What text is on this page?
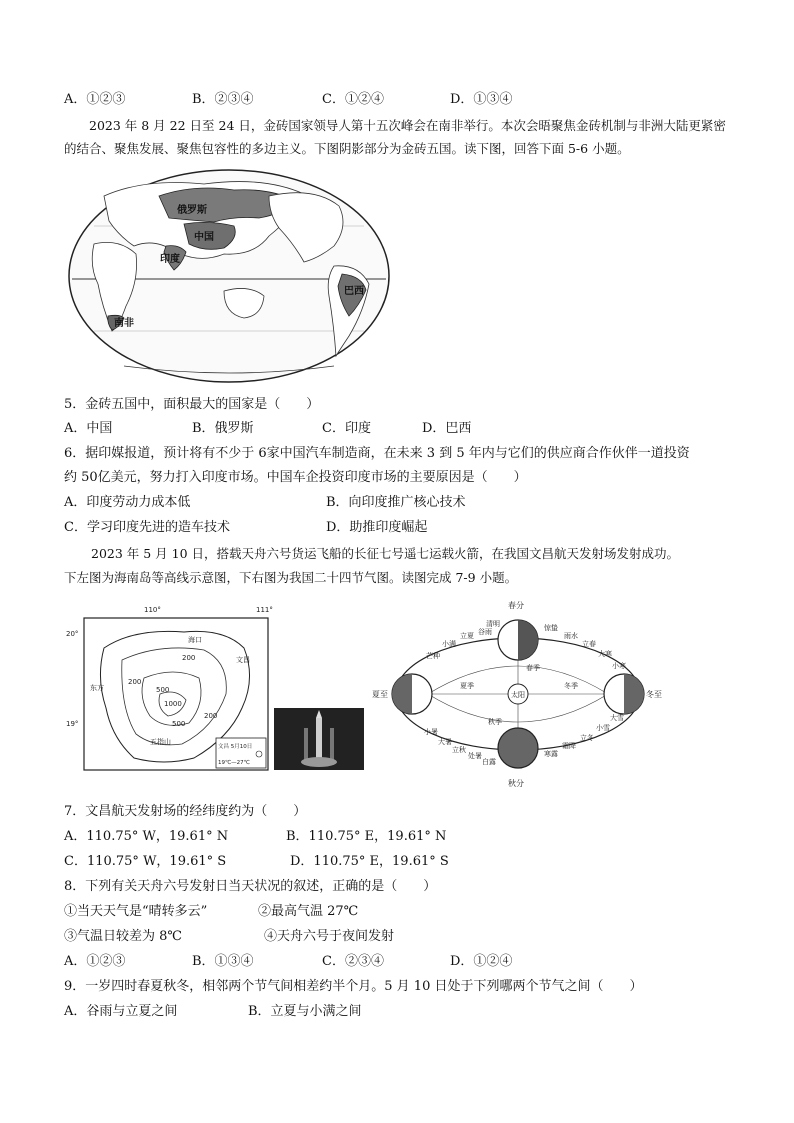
A．①②③	B．②③④	C．①②④	D．①③④
2023 年 8 月 22 日至 24 日，金砖国家领导人第十五次峰会在南非举行。本次会晤聚焦金砖机制与非洲大陆更紧密的结合、聚焦发展、聚焦包容性的多边主义。下图阴影部分为金砖五国。读下图，回答下面 5-6 小题。
俄罗斯
中国
印度
巴西
南非
5．金砖五国中，面积最大的国家是（　　）
A．中国	B．俄罗斯	C．印度	D．巴西
6．据印媒报道，预计将有不少于 6家中国汽车制造商，在未来 3 到 5 年内与它们的供应商合作伙伴一道投资
约 50亿美元，努力打入印度市场。中国车企投资印度市场的主要原因是（　　）
A．印度劳动力成本低	B．向印度推广核心技术
C．学习印度先进的造车技术	D．助推印度崛起
2023 年 5 月 10 日，搭载天舟六号货运飞船的长征七号遥七运载火箭，在我国文昌航天发射场发射成功。
下左图为海南岛等高线示意图，下右图为我国二十四节气图。读图完成 7-9 小题。
110°	111°
20°
19°
200
500
200
200
500
1000
海口
东方
文昌
五指山
文昌 5月10日
19℃—27℃
太阳
春分
夏至	冬至
秋分
春季
夏季	冬季
秋季
谷雨
立夏
小满
芒种
清明	惊蛰
雨水
立春
大寒
小寒
小暑
大暑
立秋
处暑
白露
寒露
霜降
立冬
小雪
大雪
7．文昌航天发射场的经纬度约为（　　）
A．110.75° W，19.61° N	B．110.75° E，19.61° N
C．110.75° W，19.61° S	D．110.75° E，19.61° S
8．下列有关天舟六号发射日当天状况的叙述，正确的是（　　）
①当天天气是“晴转多云”	②最高气温 27℃
③气温日较差为 8℃	④天舟六号于夜间发射
A．①②③	B．①③④	C．②③④	D．①②④
9．一岁四时春夏秋冬，相邻两个节气间相差约半个月。5 月 10 日处于下列哪两个节气之间（　　）
A．谷雨与立夏之间	B．立夏与小满之间
